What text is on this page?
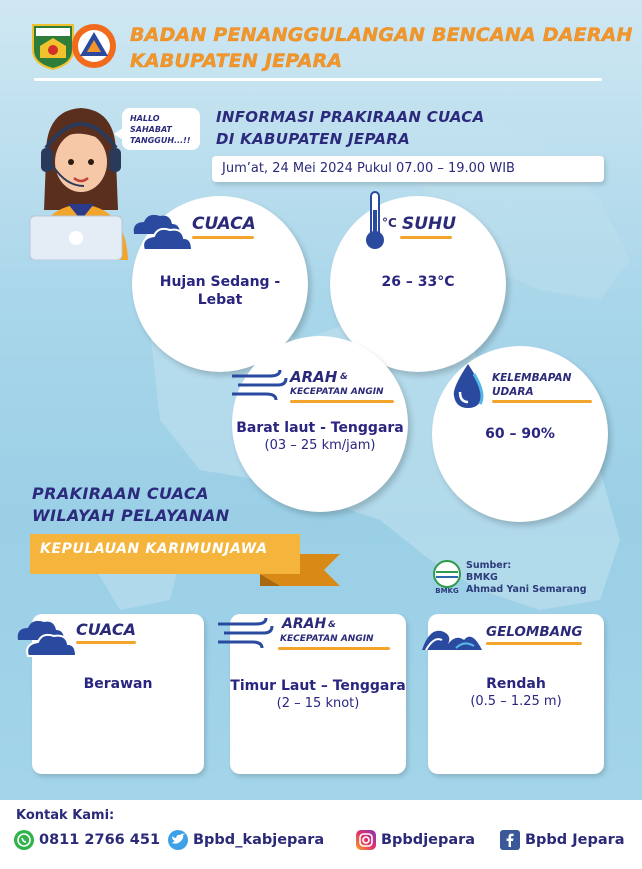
BADAN PENANGGULANGAN BENCANA DAERAH
KABUPATEN JEPARA
HALLO
SAHABAT
TANGGUH...!!
INFORMASI PRAKIRAAN CUACA
DI KABUPATEN JEPARA
Jum’at, 24 Mei 2024 Pukul 07.00 – 19.00 WIB
Hujan Sedang -
Lebat
CUACA
26 – 33°C
°C SUHU
Barat laut - Tenggara
(03 – 25 km/jam)
ARAH &
KECEPATAN ANGIN
60 – 90%
KELEMBAPAN
UDARA
PRAKIRAAN CUACA
WILAYAH PELAYANAN
KEPULAUAN KARIMUNJAWA
BMKG
Sumber:
BMKG
Ahmad Yani Semarang
Berawan
CUACA
Timur Laut – Tenggara
(2 – 15 knot)
ARAH &
KECEPATAN ANGIN
Rendah
(0.5 – 1.25 m)
GELOMBANG
Kontak Kami:
0811 2766 451 Bpbd_kabjepara	Bpbdjepara	Bpbd Jepara
